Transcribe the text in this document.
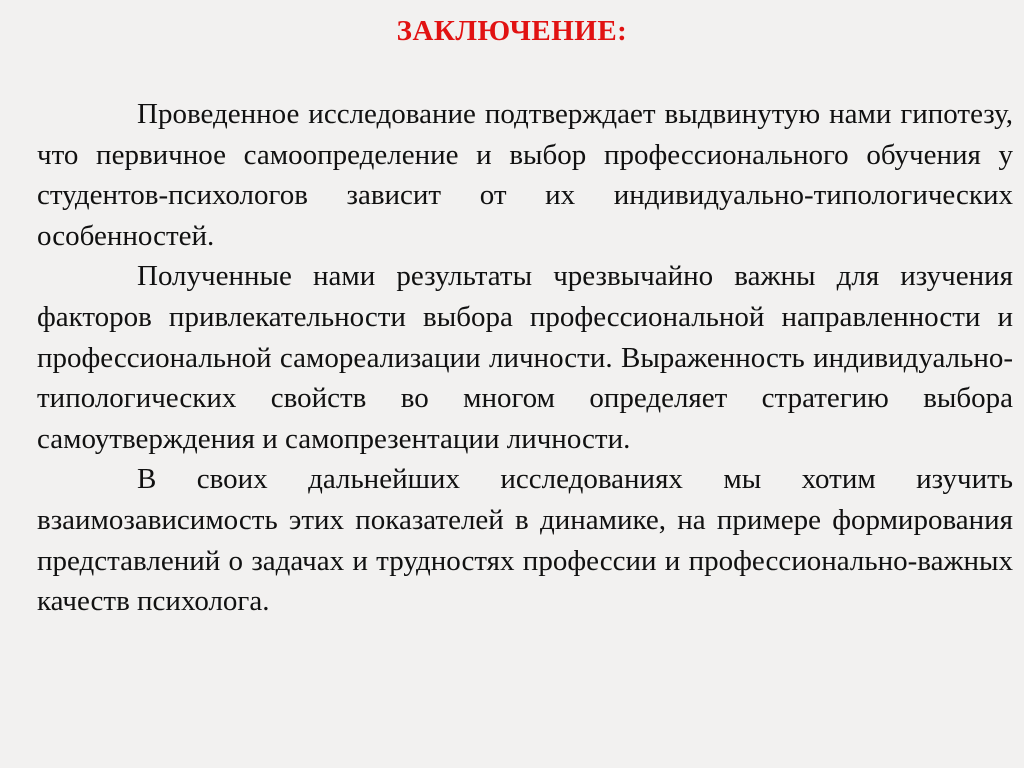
ЗАКЛЮЧЕНИЕ:

Проведенное исследование подтверждает выдвинутую нами гипотезу, что первичное самоопределение и выбор профессионального обучения у студентов-психологов зависит от их индивидуально-типологических особенностей.

Полученные нами результаты чрезвычайно важны для изучения факторов привлекательности выбора профессиональной направленности и профессиональной самореализации личности. Выраженность индивидуально-типологических свойств во многом определяет стратегию выбора самоутверждения и самопрезентации личности.

В своих дальнейших исследованиях мы хотим изучить взаимозависимость этих показателей в динамике, на примере формирования представлений о задачах и трудностях профессии и профессионально-важных качеств психолога.
